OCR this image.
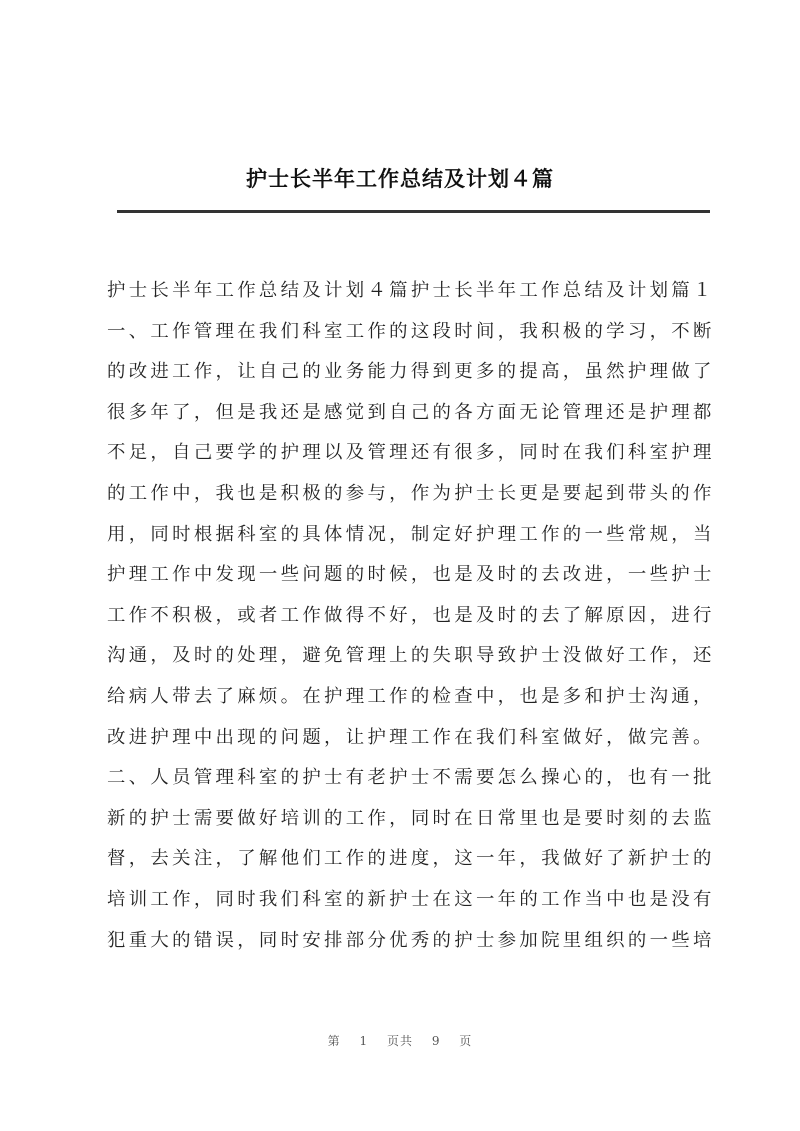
护士长半年工作总结及计划４篇
护士长半年工作总结及计划４篇护士长半年工作总结及计划篇１
一、工作管理在我们科室工作的这段时间，我积极的学习，不断
的改进工作，让自己的业务能力得到更多的提高，虽然护理做了
很多年了，但是我还是感觉到自己的各方面无论管理还是护理都
不足，自己要学的护理以及管理还有很多，同时在我们科室护理
的工作中，我也是积极的参与，作为护士长更是要起到带头的作
用，同时根据科室的具体情况，制定好护理工作的一些常规，当
护理工作中发现一些问题的时候，也是及时的去改进，一些护士
工作不积极，或者工作做得不好，也是及时的去了解原因，进行
沟通，及时的处理，避免管理上的失职导致护士没做好工作，还
给病人带去了麻烦。在护理工作的检查中，也是多和护士沟通，
改进护理中出现的问题，让护理工作在我们科室做好，做完善。
二、人员管理科室的护士有老护士不需要怎么操心的，也有一批
新的护士需要做好培训的工作，同时在日常里也是要时刻的去监
督，去关注，了解他们工作的进度，这一年，我做好了新护士的
培训工作，同时我们科室的新护士在这一年的工作当中也是没有
犯重大的错误，同时安排部分优秀的护士参加院里组织的一些培
第 1 页共 9 页
